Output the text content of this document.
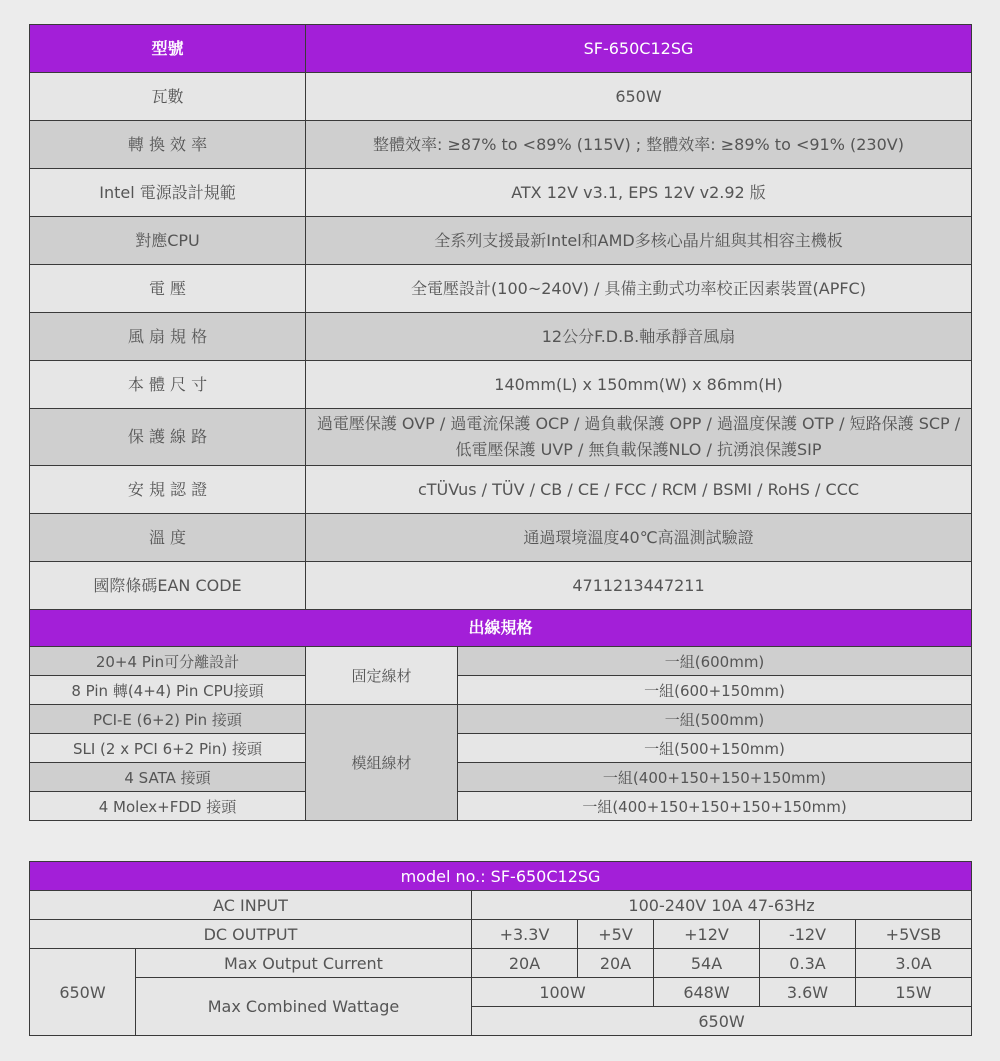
型號	SF-650C12SG
瓦數	650W
轉 換 效 率	整體效率: ≥87% to <89% (115V) ; 整體效率: ≥89% to <91% (230V)
Intel 電源設計規範	ATX 12V v3.1, EPS 12V v2.92 版
對應CPU	全系列支援最新Intel和AMD多核心晶片組與其相容主機板
電 壓	全電壓設計(100~240V) / 具備主動式功率校正因素裝置(APFC)
風 扇 規 格	12公分F.D.B.軸承靜音風扇
本 體 尺 寸	140mm(L) x 150mm(W) x 86mm(H)
保 護 線 路	過電壓保護 OVP / 過電流保護 OCP / 過負載保護 OPP / 過溫度保護 OTP / 短路保護 SCP / 低電壓保護 UVP / 無負載保護NLO / 抗湧浪保護SIP
安 規 認 證	cTÜVus / TÜV / CB / CE / FCC / RCM / BSMI / RoHS / CCC
溫 度	通過環境溫度40℃高溫測試驗證
國際條碼EAN CODE	4711213447211
出線規格	
20+4 Pin可分離設計	固定線材	一組(600mm)
8 Pin 轉(4+4) Pin CPU接頭		一組(600+150mm)
PCI-E (6+2) Pin 接頭	模組線材	一組(500mm)
SLI (2 x PCI 6+2 Pin) 接頭		一組(500+150mm)
4 SATA 接頭		一組(400+150+150+150mm)
4 Molex+FDD 接頭		一組(400+150+150+150+150mm)
model no.: SF-650C12SG						
AC INPUT		100-240V 10A 47-63Hz				
DC OUTPUT		+3.3V	+5V	+12V	-12V	+5VSB
650W	Max Output Current	20A	20A	54A	0.3A	3.0A
	Max Combined Wattage	100W		648W	3.6W	15W
		650W				
